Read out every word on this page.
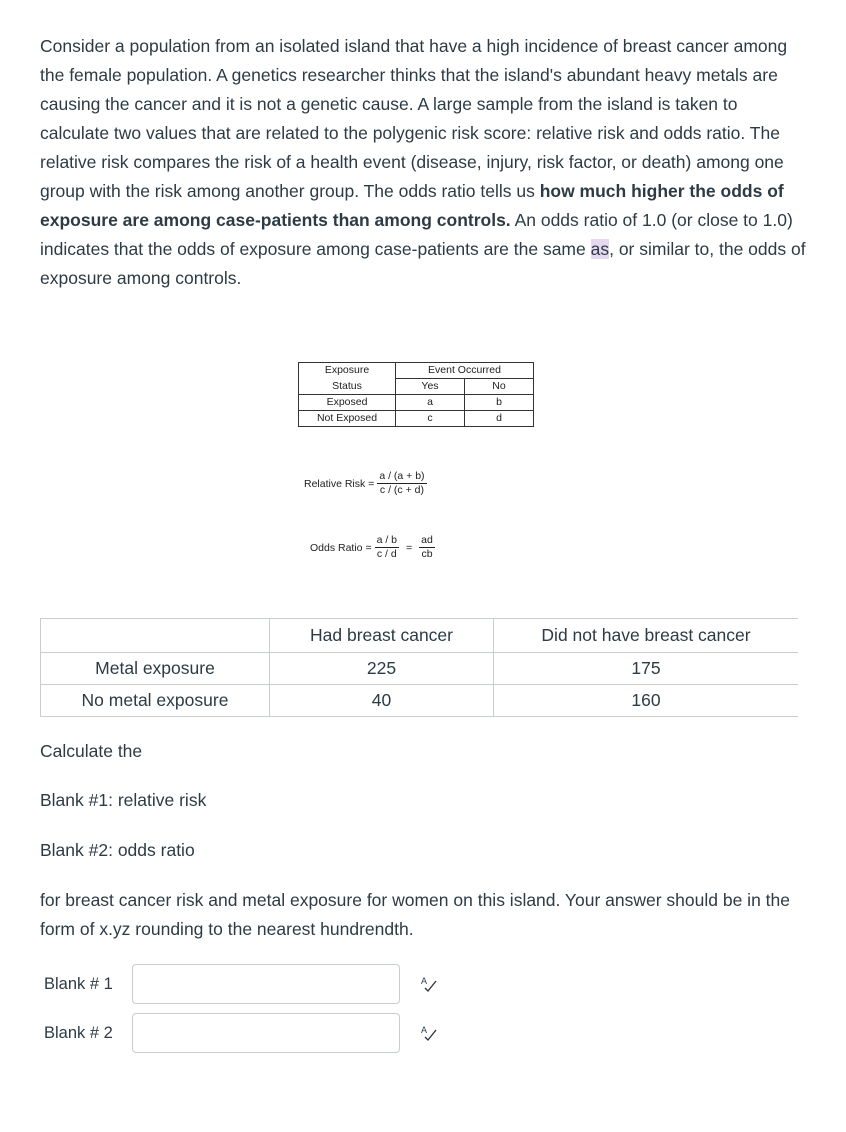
Consider a population from an isolated island that have a high incidence of breast cancer among the female population. A genetics researcher thinks that the island's abundant heavy metals are causing the cancer and it is not a genetic cause. A large sample from the island is taken to calculate two values that are related to the polygenic risk score: relative risk and odds ratio. The relative risk compares the risk of a health event (disease, injury, risk factor, or death) among one group with the risk among another group. The odds ratio tells us how much higher the odds of exposure are among case-patients than among controls. An odds ratio of 1.0 (or close to 1.0) indicates that the odds of exposure among case-patients are the same as, or similar to, the odds of exposure among controls.
Exposure	Event Occurred	
Status	Yes	No
Exposed	a	b
Not Exposed	c	d
Relative Risk = $\frac{a / (a + b)}{c / (c + d)}$
Odds Ratio = $\frac{a / b}{c / d} = \frac{ad}{cb}$
	Had breast cancer	Did not have breast cancer
Metal exposure	225	175
No metal exposure	40	160
Calculate the
Blank #1: relative risk
Blank #2: odds ratio
for breast cancer risk and metal exposure for women on this island. Your answer should be in the form of x.yz rounding to the nearest hundrendth.
Blank # 1	A
Blank # 2	A
